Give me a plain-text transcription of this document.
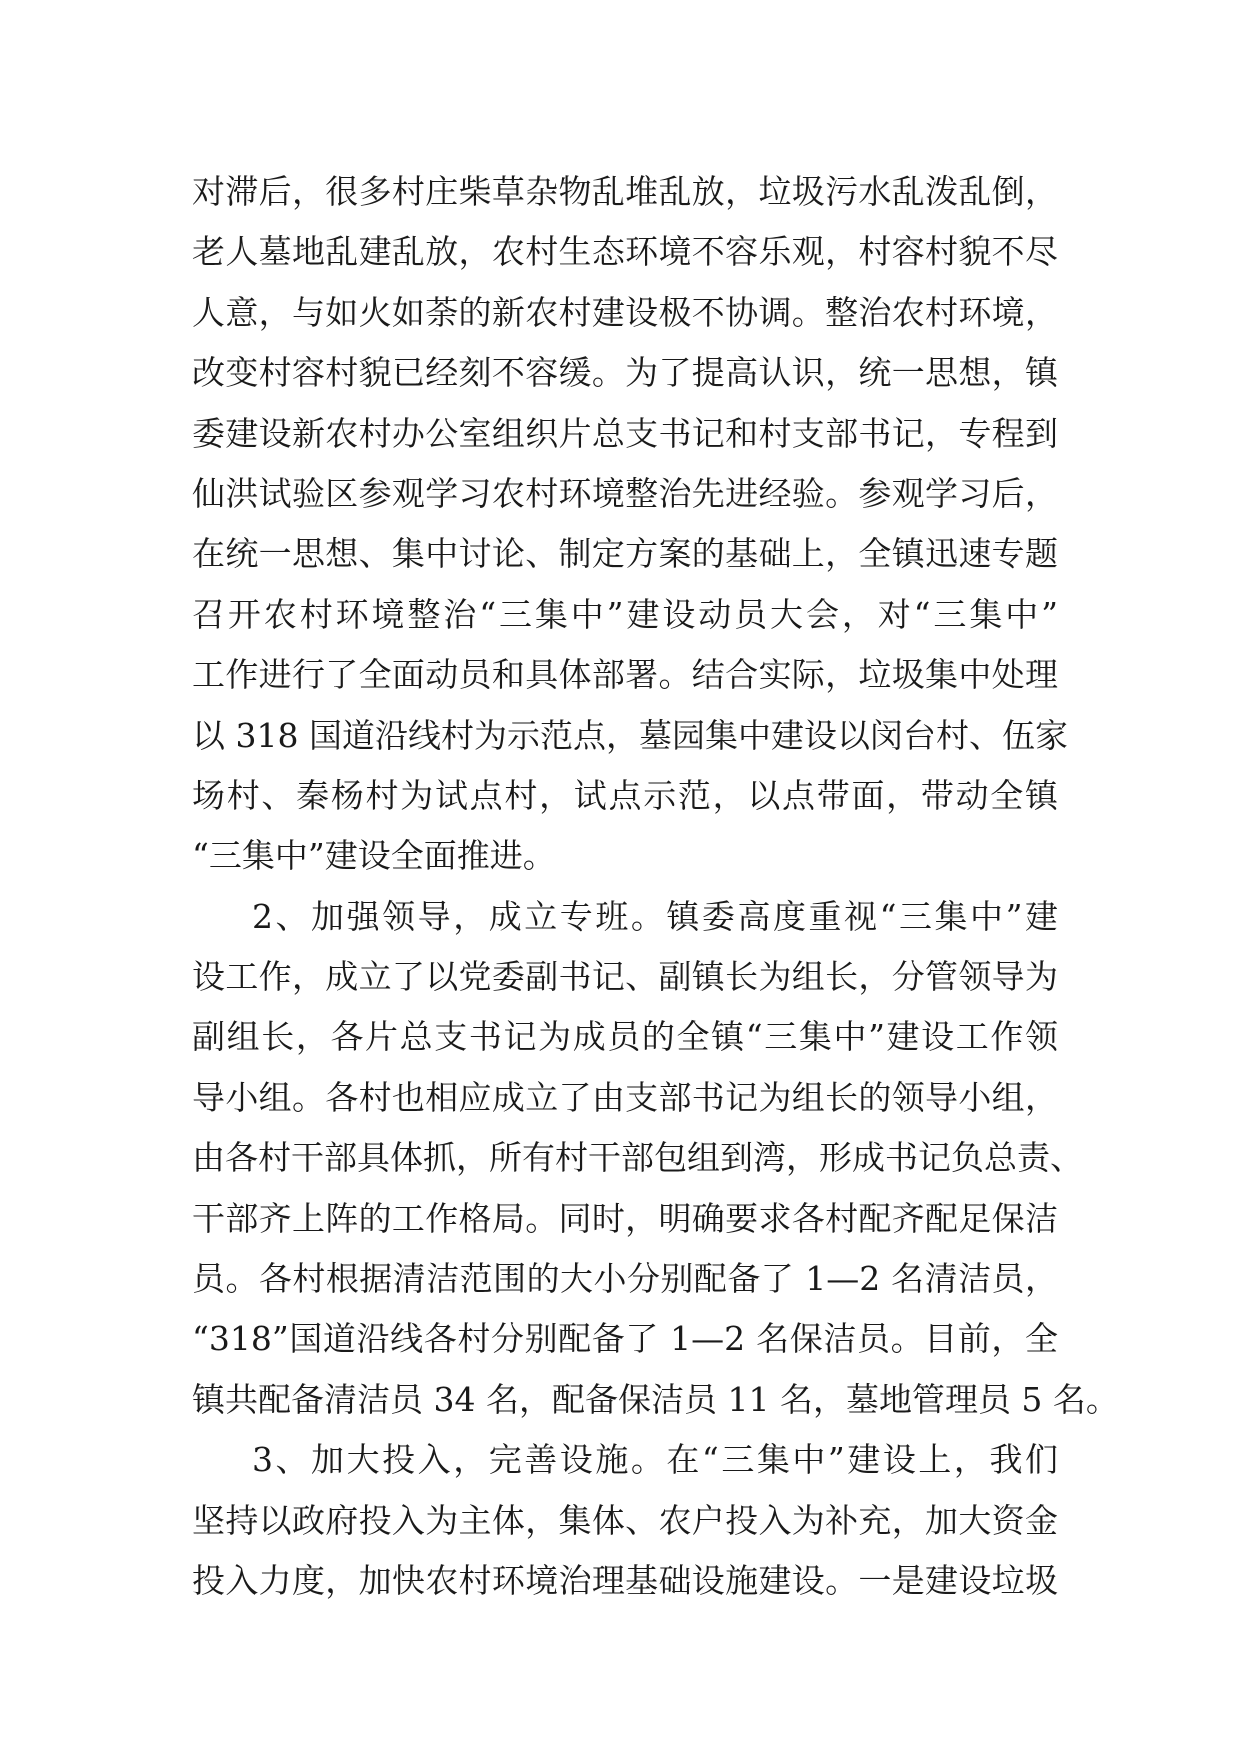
对滞后，很多村庄柴草杂物乱堆乱放，垃圾污水乱泼乱倒，
老人墓地乱建乱放，农村生态环境不容乐观，村容村貌不尽
人意，与如火如荼的新农村建设极不协调。整治农村环境，
改变村容村貌已经刻不容缓。为了提高认识，统一思想，镇
委建设新农村办公室组织片总支书记和村支部书记，专程到
仙洪试验区参观学习农村环境整治先进经验。参观学习后，
在统一思想、集中讨论、制定方案的基础上，全镇迅速专题
召开农村环境整治“三集中”建设动员大会，对“三集中”
工作进行了全面动员和具体部署。结合实际，垃圾集中处理
以 318 国道沿线村为示范点，墓园集中建设以闵台村、伍家
场村、秦杨村为试点村，试点示范，以点带面，带动全镇
“三集中”建设全面推进。
2、加强领导，成立专班。镇委高度重视“三集中”建
设工作，成立了以党委副书记、副镇长为组长，分管领导为
副组长，各片总支书记为成员的全镇“三集中”建设工作领
导小组。各村也相应成立了由支部书记为组长的领导小组，
由各村干部具体抓，所有村干部包组到湾，形成书记负总责、
干部齐上阵的工作格局。同时，明确要求各村配齐配足保洁
员。各村根据清洁范围的大小分别配备了 1—2 名清洁员，
“318”国道沿线各村分别配备了 1—2 名保洁员。目前，全
镇共配备清洁员 34 名，配备保洁员 11 名，墓地管理员 5 名。
3、加大投入，完善设施。在“三集中”建设上，我们
坚持以政府投入为主体，集体、农户投入为补充，加大资金
投入力度，加快农村环境治理基础设施建设。一是建设垃圾
